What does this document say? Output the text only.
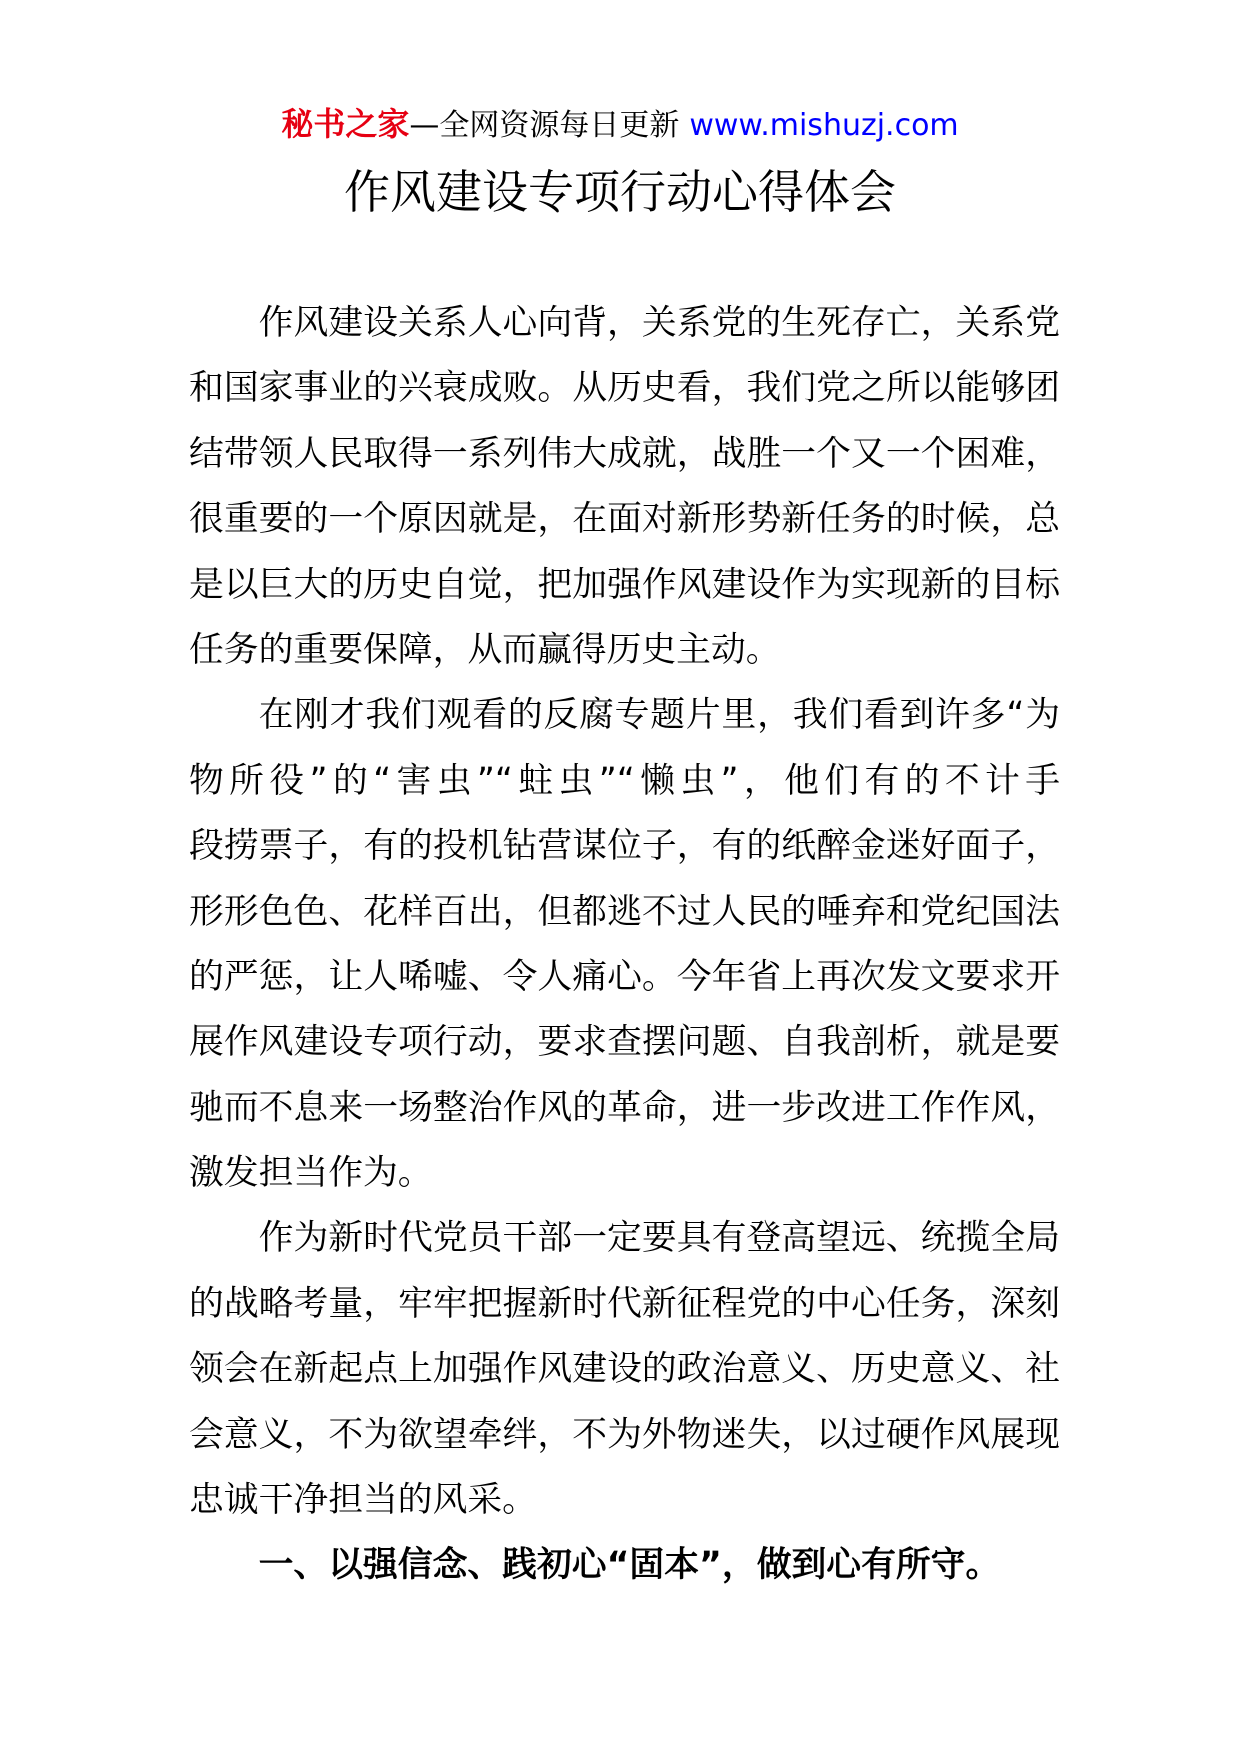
秘书之家—全网资源每日更新 www.mishuzj.com
作风建设专项行动心得体会
作风建设关系人心向背，关系党的生死存亡，关系党
和国家事业的兴衰成败。从历史看，我们党之所以能够团
结带领人民取得一系列伟大成就，战胜一个又一个困难，
很重要的一个原因就是，在面对新形势新任务的时候，总
是以巨大的历史自觉，把加强作风建设作为实现新的目标
任务的重要保障，从而赢得历史主动。
在刚才我们观看的反腐专题片里，我们看到许多“为
物所役”的“害虫”“蛀虫”“懒虫”，他们有的不计手
段捞票子，有的投机钻营谋位子，有的纸醉金迷好面子，
形形色色、花样百出，但都逃不过人民的唾弃和党纪国法
的严惩，让人唏嘘、令人痛心。今年省上再次发文要求开
展作风建设专项行动，要求查摆问题、自我剖析，就是要
驰而不息来一场整治作风的革命，进一步改进工作作风，
激发担当作为。
作为新时代党员干部一定要具有登高望远、统揽全局
的战略考量，牢牢把握新时代新征程党的中心任务，深刻
领会在新起点上加强作风建设的政治意义、历史意义、社
会意义，不为欲望牵绊，不为外物迷失，以过硬作风展现
忠诚干净担当的风采。
一、以强信念、践初心“固本”，做到心有所守。
